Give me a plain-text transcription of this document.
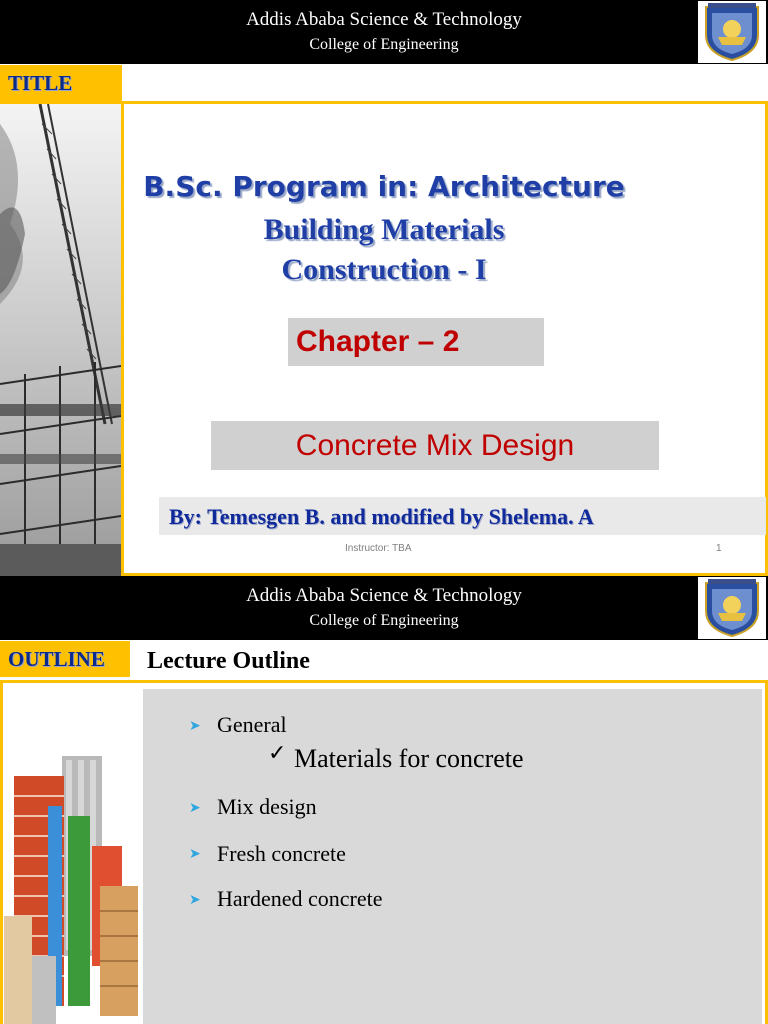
Addis Ababa Science & Technology
College of Engineering
TITLE
B.Sc. Program in: Architecture
Building Materials
Construction - I
Chapter – 2
Concrete Mix Design
By: Temesgen B. and modified by Shelema. A
Instructor: TBA	1
Addis Ababa Science & Technology
College of Engineering
OUTLINE	Lecture Outline
➤ General
✓ Materials for concrete
➤ Mix design
➤ Fresh concrete
➤ Hardened concrete
